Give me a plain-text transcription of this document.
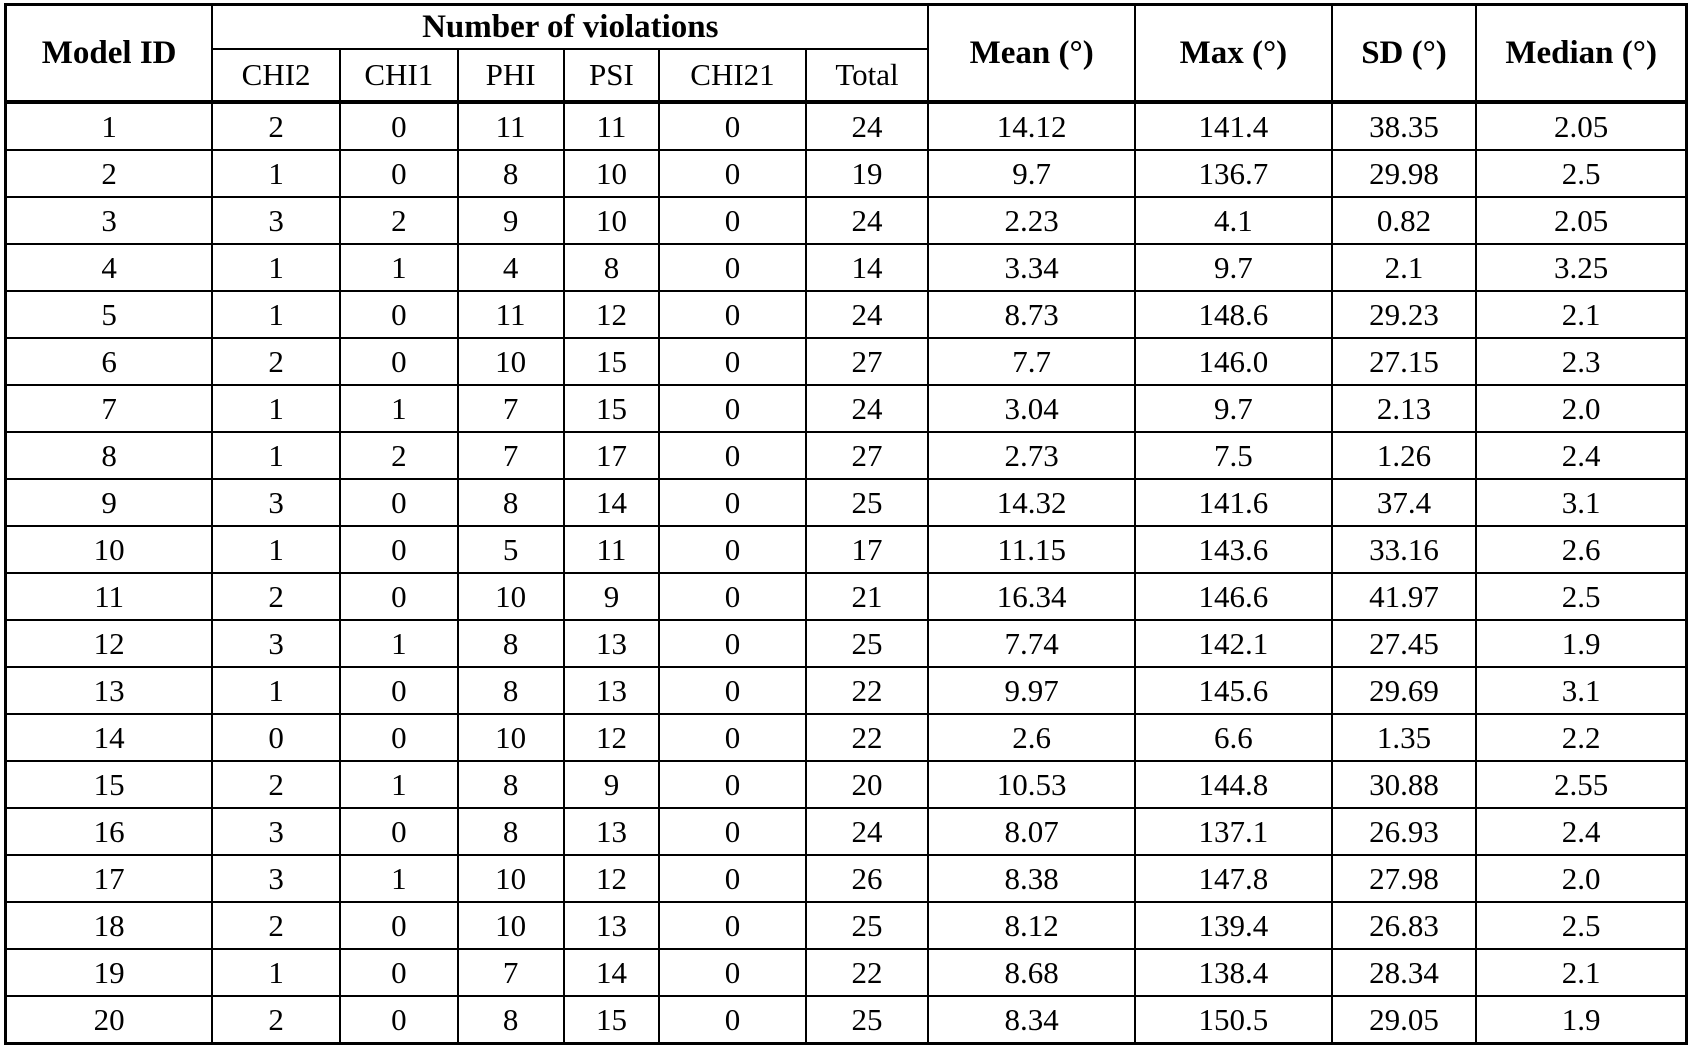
Model ID	Number of violations						Mean (°)	Max (°)	SD (°)	Median (°)
	CHI2	CHI1	PHI	PSI	CHI21	Total				
1	2	0	11	11	0	24	14.12	141.4	38.35	2.05
2	1	0	8	10	0	19	9.7	136.7	29.98	2.5
3	3	2	9	10	0	24	2.23	4.1	0.82	2.05
4	1	1	4	8	0	14	3.34	9.7	2.1	3.25
5	1	0	11	12	0	24	8.73	148.6	29.23	2.1
6	2	0	10	15	0	27	7.7	146.0	27.15	2.3
7	1	1	7	15	0	24	3.04	9.7	2.13	2.0
8	1	2	7	17	0	27	2.73	7.5	1.26	2.4
9	3	0	8	14	0	25	14.32	141.6	37.4	3.1
10	1	0	5	11	0	17	11.15	143.6	33.16	2.6
11	2	0	10	9	0	21	16.34	146.6	41.97	2.5
12	3	1	8	13	0	25	7.74	142.1	27.45	1.9
13	1	0	8	13	0	22	9.97	145.6	29.69	3.1
14	0	0	10	12	0	22	2.6	6.6	1.35	2.2
15	2	1	8	9	0	20	10.53	144.8	30.88	2.55
16	3	0	8	13	0	24	8.07	137.1	26.93	2.4
17	3	1	10	12	0	26	8.38	147.8	27.98	2.0
18	2	0	10	13	0	25	8.12	139.4	26.83	2.5
19	1	0	7	14	0	22	8.68	138.4	28.34	2.1
20	2	0	8	15	0	25	8.34	150.5	29.05	1.9
